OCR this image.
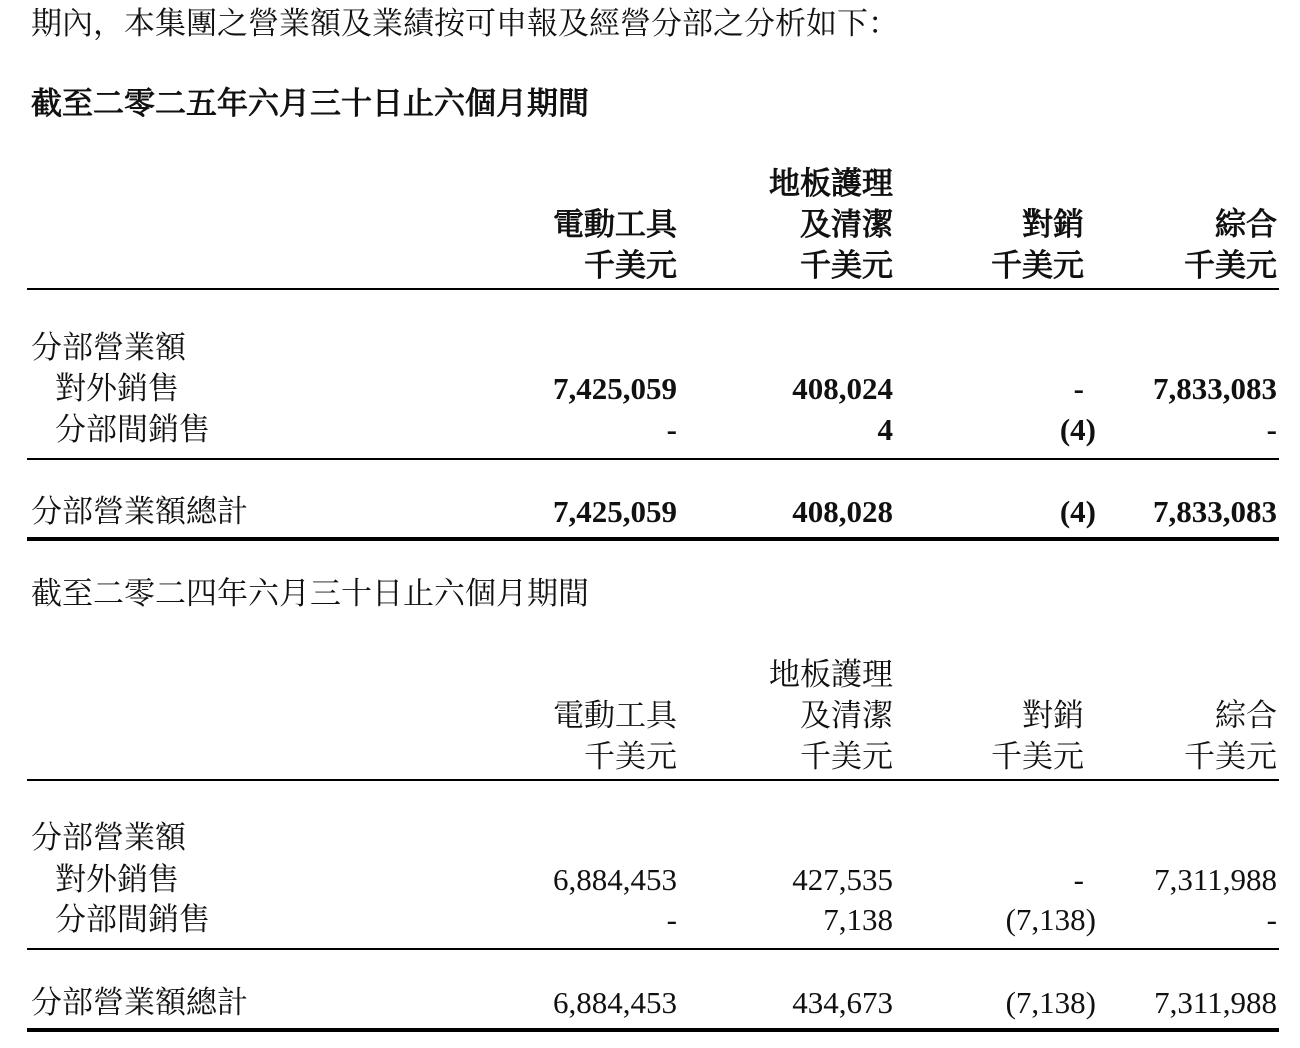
期內，本集團之營業額及業績按可申報及經營分部之分析如下：
截至二零二五年六月三十日止六個月期間
電動工具
千美元
地板護理
及清潔
千美元
對銷
千美元
綜合
千美元
分部營業額
對外銷售	7,425,059	408,024	- 7,833,083
分部間銷售	-	4	(4)	-
分部營業額總計	7,425,059	408,028	(4) 7,833,083
截至二零二四年六月三十日止六個月期間
電動工具
千美元
地板護理
及清潔
千美元
對銷
千美元
綜合
千美元
分部營業額
對外銷售	6,884,453	427,535	- 7,311,988
分部間銷售	-	7,138	(7,138)	-
分部營業額總計	6,884,453	434,673	(7,138) 7,311,988
